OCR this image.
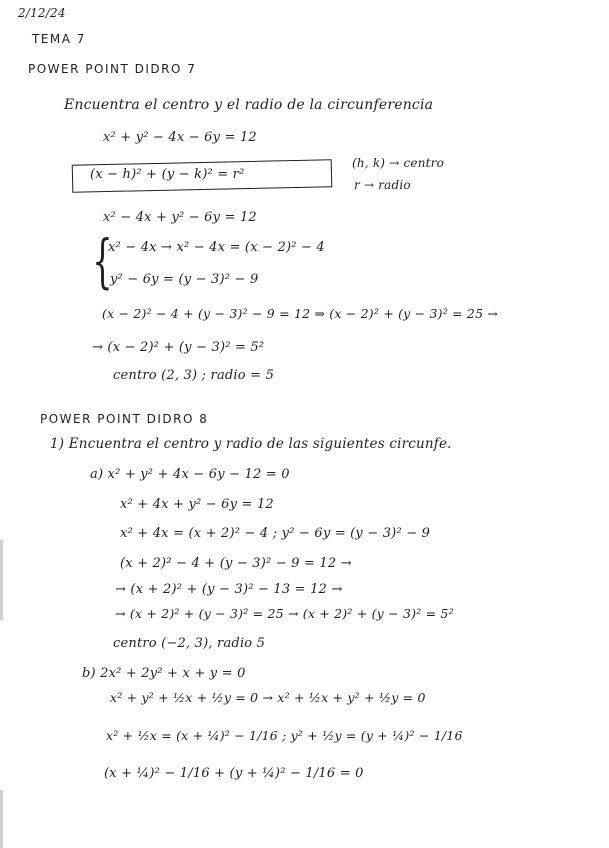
2/12/24
TEMA 7
POWER POINT DIDRO 7
Encuentra el centro y el radio de la circunferencia
x² + y² − 4x − 6y = 12
(x − h)² + (y − k)² = r²
(h, k) → centro
r → radio
x² − 4x + y² − 6y = 12
{
x² − 4x → x² − 4x = (x − 2)² − 4
y² − 6y = (y − 3)² − 9
(x − 2)² − 4 + (y − 3)² − 9 = 12 ⇒ (x − 2)² + (y − 3)² = 25 →
→ (x − 2)² + (y − 3)² = 5²
centro (2, 3) ; radio = 5
POWER POINT DIDRO 8
1) Encuentra el centro y radio de las siguientes circunfe.
a) x² + y² + 4x − 6y − 12 = 0
x² + 4x + y² − 6y = 12
x² + 4x = (x + 2)² − 4 ; y² − 6y = (y − 3)² − 9
(x + 2)² − 4 + (y − 3)² − 9 = 12 →
→ (x + 2)² + (y − 3)² − 13 = 12 →
→ (x + 2)² + (y − 3)² = 25 → (x + 2)² + (y − 3)² = 5²
centro (−2, 3), radio 5
b) 2x² + 2y² + x + y = 0
x² + y² + ½x + ½y = 0 → x² + ½x + y² + ½y = 0
x² + ½x = (x + ¼)² − 1/16 ; y² + ½y = (y + ¼)² − 1/16
(x + ¼)² − 1/16 + (y + ¼)² − 1/16 = 0
